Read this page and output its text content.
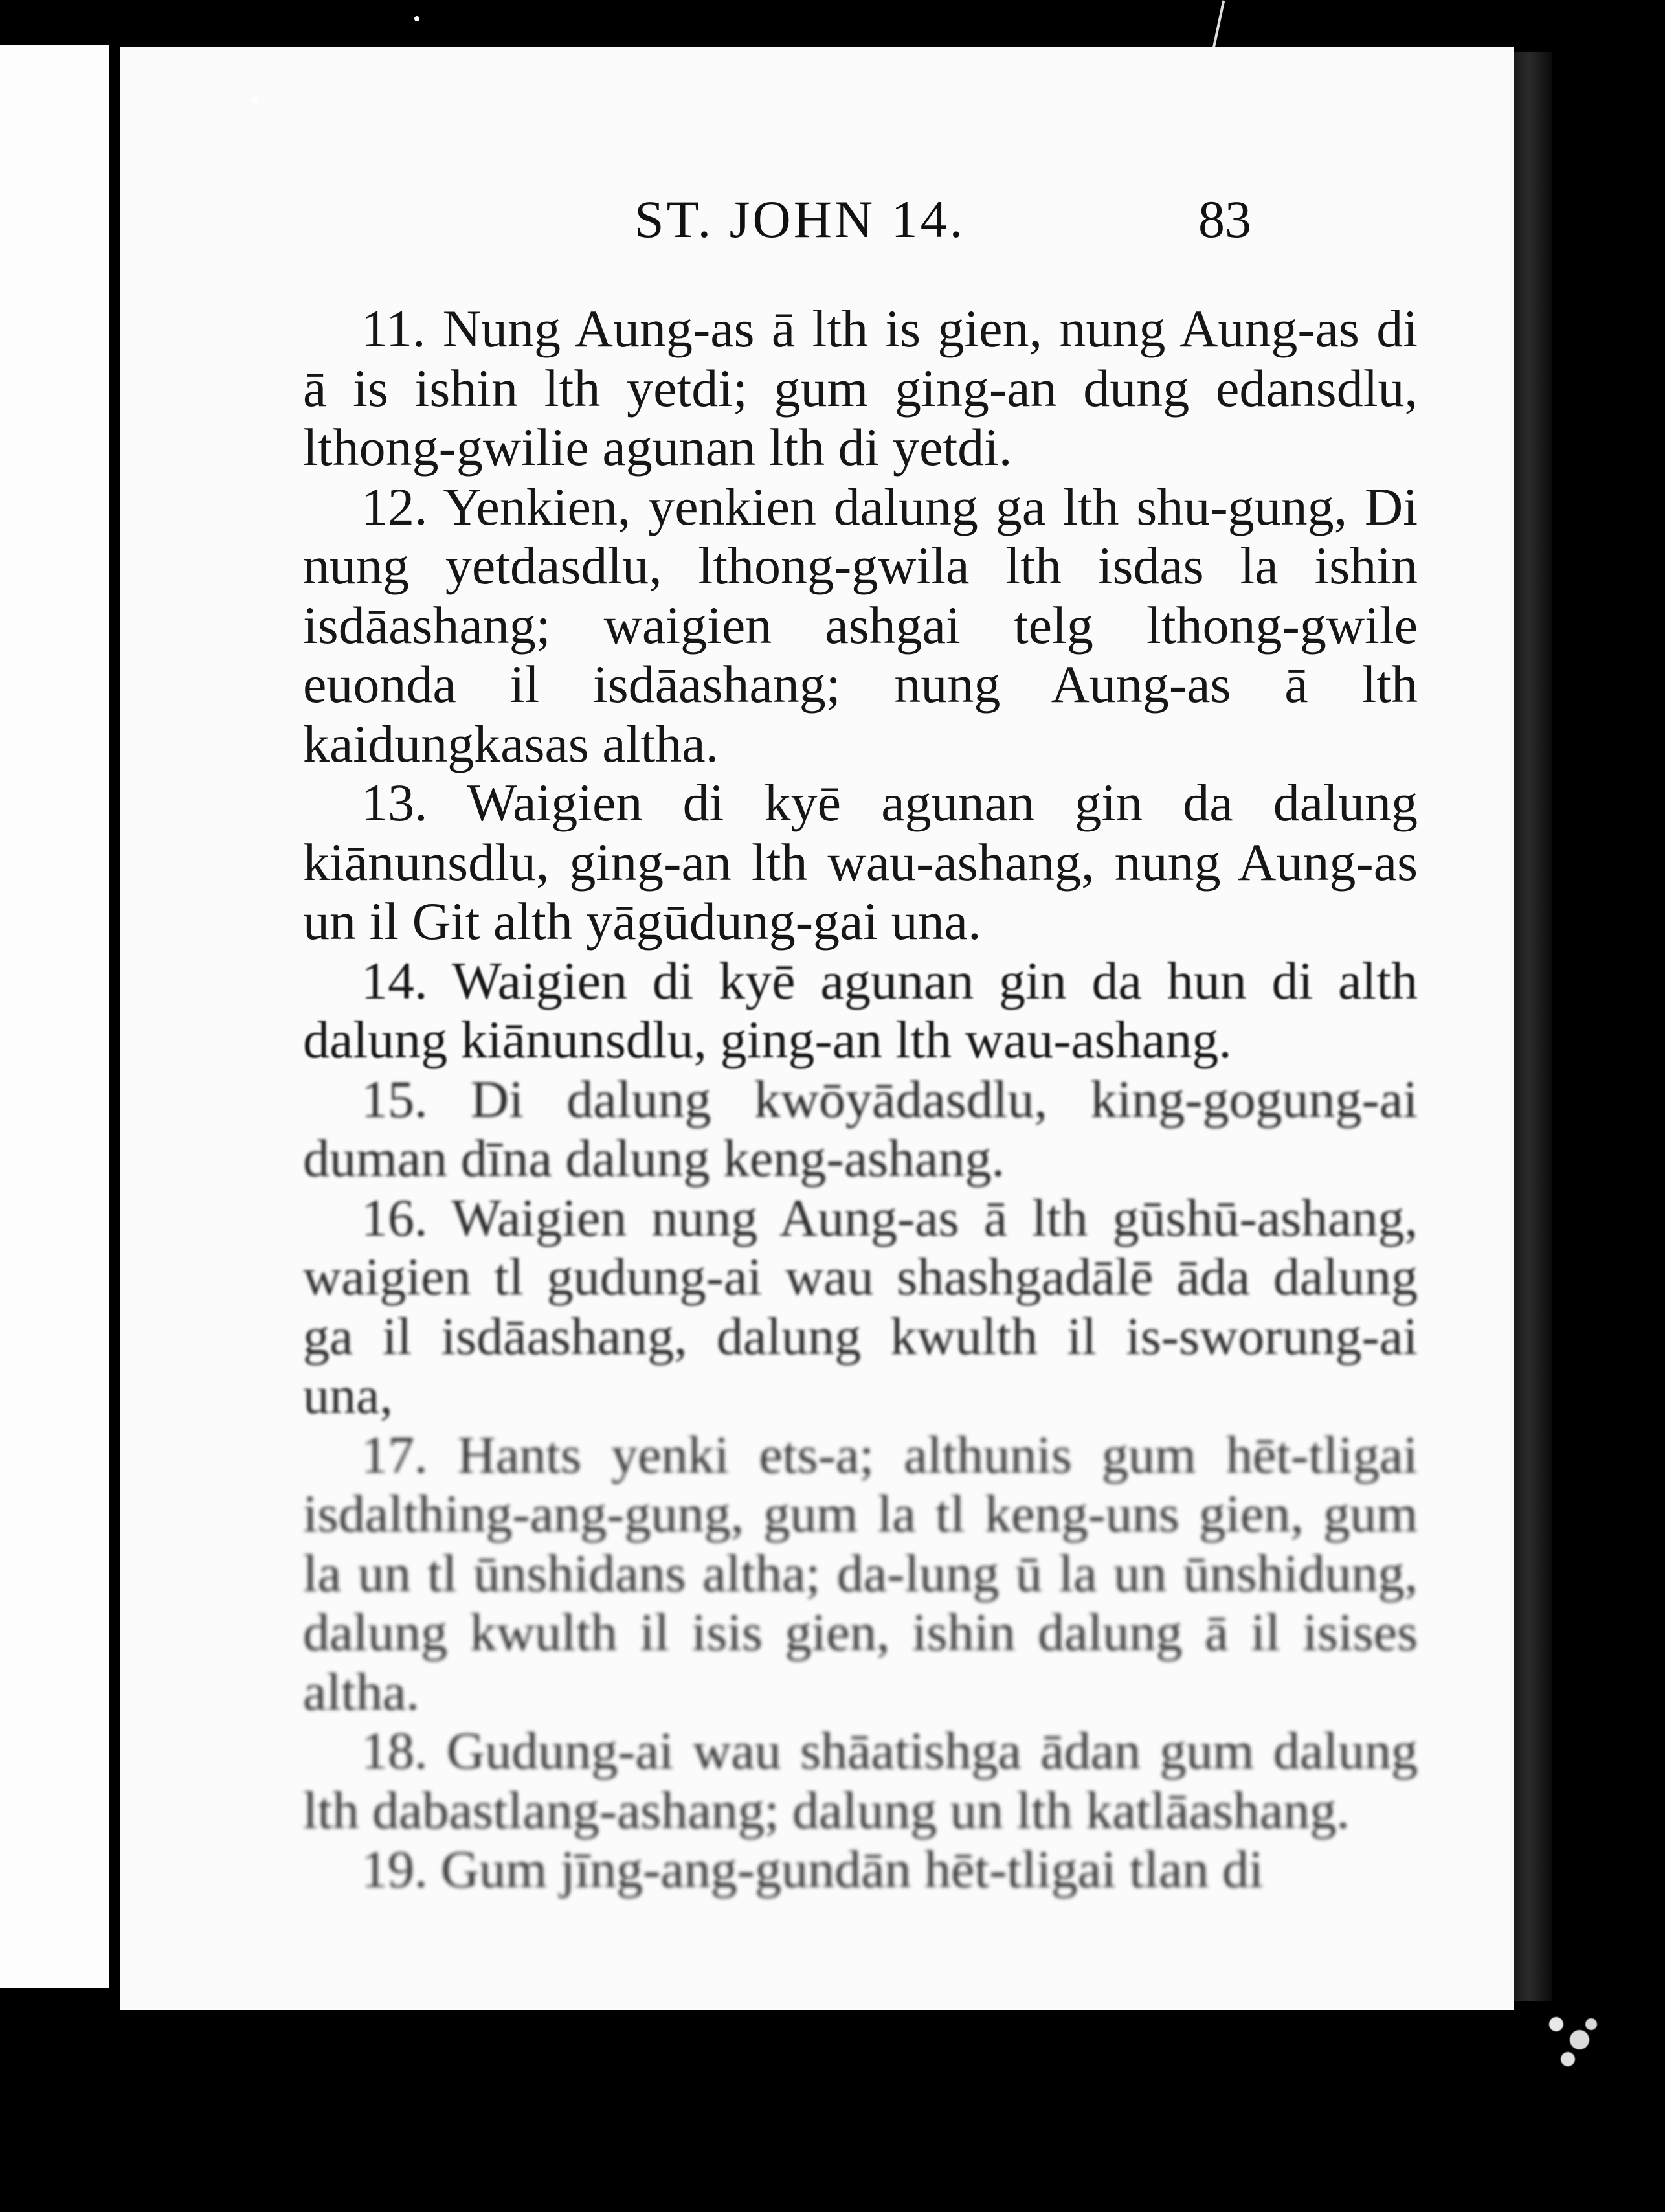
ST. JOHN 14.	83

11. Nung Aung-as ā lth is gien, nung Aung-as di ā is ishin lth yetdi; gum ging-an dung edansdlu, lthong-gwilie agunan lth di yetdi.

12. Yenkien, yenkien dalung ga lth shu-gung, Di nung yetdasdlu, lthong-gwila lth isdas la ishin isdāashang; waigien ashgai telg lthong-gwile euonda il isdāashang; nung Aung-as ā lth kaidungkasas altha.

13. Waigien di kyē agunan gin da dalung kiānunsdlu, ging-an lth wau-ashang, nung Aung-as un il Git alth yāgūdung-gai una.

14. Waigien di kyē agunan gin da hun di alth dalung kiānunsdlu, ging-an lth wau-ashang.

15. Di dalung kwōyādasdlu, king-gogung-ai duman dīna dalung keng-ashang.

16. Waigien nung Aung-as ā lth gūshū-ashang, waigien tl gudung-ai wau shashgadālē āda dalung ga il isdāashang, dalung kwulth il is-sworung-ai una,

17. Hants yenki ets-a; althunis gum hēt-tligai isdalthing-ang-gung, gum la tl keng-uns gien, gum la un tl ūnshidans altha; da-lung ū la un ūnshidung, dalung kwulth il isis gien, ishin dalung ā il isises altha.

18. Gudung-ai wau shāatishga ādan gum dalung lth dabastlang-ashang; dalung un lth katlāashang.

19. Gum jīng-ang-gundān hēt-tligai tlan di
